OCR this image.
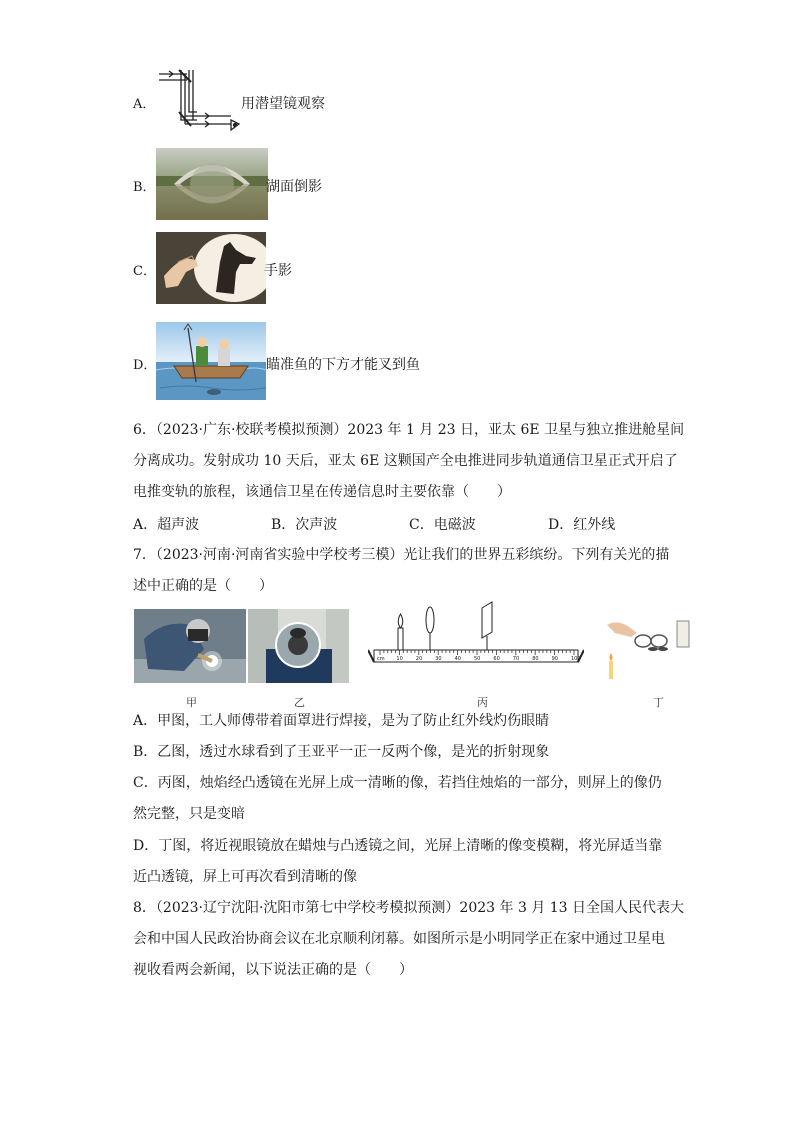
A．	用潜望镜观察
B．	湖面倒影
C．	手影
D．	瞄准鱼的下方才能叉到鱼
6．（2023·广东·校联考模拟预测）2023 年 1 月 23 日，亚太 6E 卫星与独立推进舱星间
分离成功。发射成功 10 天后，亚太 6E 这颗国产全电推进同步轨道通信卫星正式开启了
电推变轨的旅程，该通信卫星在传递信息时主要依靠（　　）
A．超声波	B．次声波	C．电磁波	D．红外线
7．（2023·河南·河南省实验中学校考三模）光让我们的世界五彩缤纷。下列有关光的描
述中正确的是（　　）
cm 10	20	30	40	50	60	70	80	90	100
甲	乙	丙	丁
A．甲图，工人师傅带着面罩进行焊接，是为了防止红外线灼伤眼睛
B．乙图，透过水球看到了王亚平一正一反两个像，是光的折射现象
C．丙图，烛焰经凸透镜在光屏上成一清晰的像，若挡住烛焰的一部分，则屏上的像仍
然完整，只是变暗
D．丁图，将近视眼镜放在蜡烛与凸透镜之间，光屏上清晰的像变模糊，将光屏适当靠
近凸透镜，屏上可再次看到清晰的像
8．（2023·辽宁沈阳·沈阳市第七中学校考模拟预测）2023 年 3 月 13 日全国人民代表大
会和中国人民政治协商会议在北京顺利闭幕。如图所示是小明同学正在家中通过卫星电
视收看两会新闻，以下说法正确的是（　　）
